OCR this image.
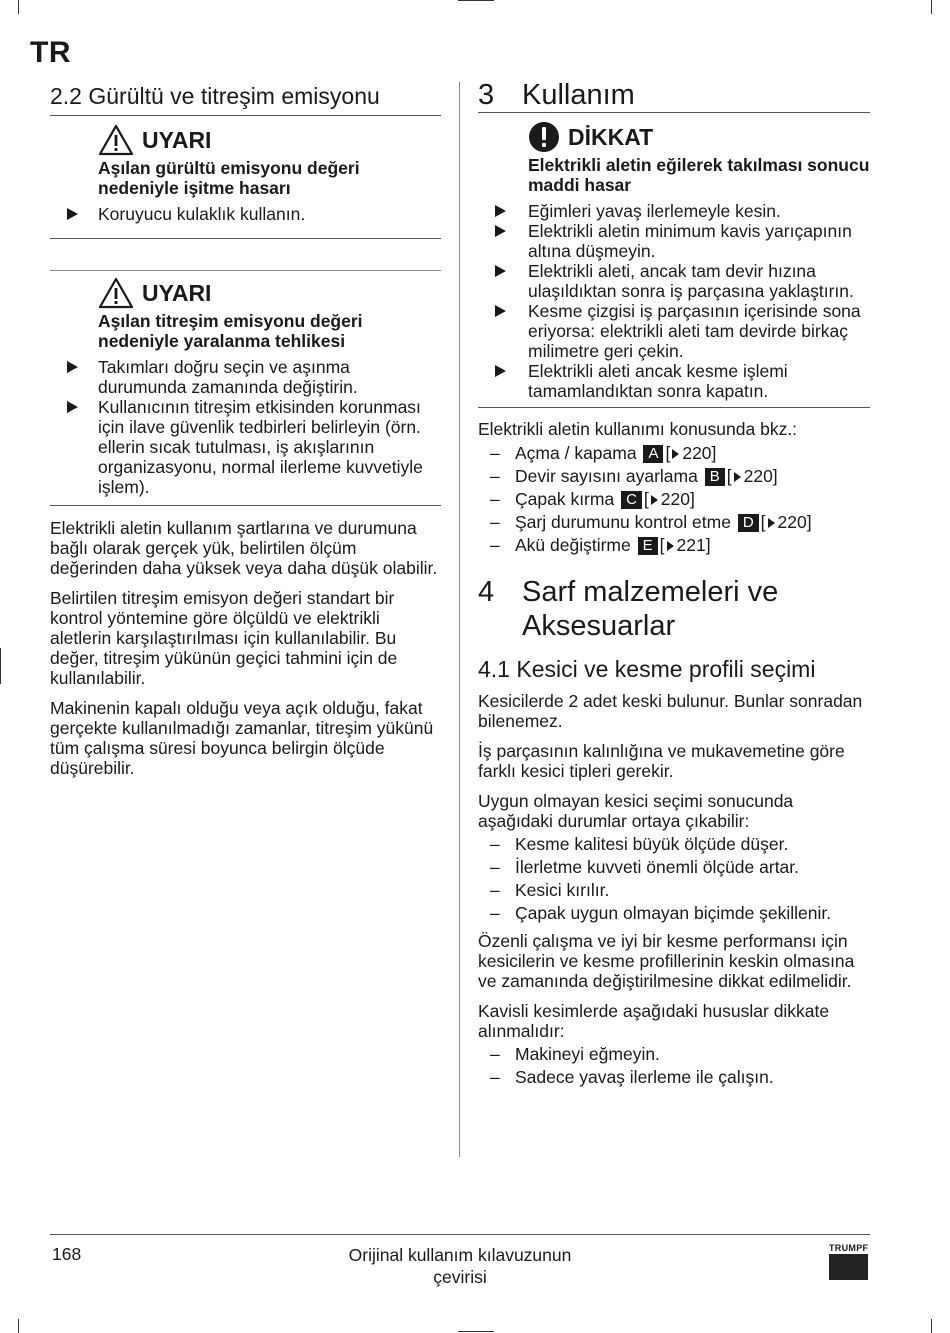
TR
2.2 Gürültü ve titreşim emisyonu
UYARI
Aşılan gürültü emisyonu değeri nedeniyle işitme hasarı
Koruyucu kulaklık kullanın.
UYARI
Aşılan titreşim emisyonu değeri nedeniyle yaralanma tehlikesi
Takımları doğru seçin ve aşınma durumunda zamanında değiştirin.
Kullanıcının titreşim etkisinden korunması için ilave güvenlik tedbirleri belirleyin (örn. ellerin sıcak tutulması, iş akışlarının organizasyonu, normal ilerleme kuvvetiyle işlem).

Elektrikli aletin kullanım şartlarına ve durumuna bağlı olarak gerçek yük, belirtilen ölçüm değerinden daha yüksek veya daha düşük olabilir.

Belirtilen titreşim emisyon değeri standart bir kontrol yöntemine göre ölçüldü ve elektrikli aletlerin karşılaştırılması için kullanılabilir. Bu değer, titreşim yükünün geçici tahmini için de kullanılabilir.

Makinenin kapalı olduğu veya açık olduğu, fakat gerçekte kullanılmadığı zamanlar, titreşim yükünü tüm çalışma süresi boyunca belirgin ölçüde düşürebilir.

3 Kullanım
DİKKAT
Elektrikli aletin eğilerek takılması sonucu maddi hasar
Eğimleri yavaş ilerlemeyle kesin.
Elektrikli aletin minimum kavis yarıçapının altına düşmeyin.
Elektrikli aleti, ancak tam devir hızına ulaşıldıktan sonra iş parçasına yaklaştırın.
Kesme çizgisi iş parçasının içerisinde sona eriyorsa: elektrikli aleti tam devirde birkaç milimetre geri çekin.
Elektrikli aleti ancak kesme işlemi tamamlandıktan sonra kapatın.

Elektrikli aletin kullanımı konusunda bkz.:

– Açma / kapama A [ 220]
– Devir sayısını ayarlama B [ 220]
– Çapak kırma C [ 220]
– Şarj durumunu kontrol etme D [ 220]
– Akü değiştirme E [ 221]
4 Sarf malzemeleri ve
Aksesuarlar
4.1 Kesici ve kesme profili seçimi

Kesicilerde 2 adet keski bulunur. Bunlar sonradan bilenemez.

İş parçasının kalınlığına ve mukavemetine göre farklı kesici tipleri gerekir.

Uygun olmayan kesici seçimi sonucunda aşağıdaki durumlar ortaya çıkabilir:

– Kesme kalitesi büyük ölçüde düşer.
– İlerletme kuvveti önemli ölçüde artar.
– Kesici kırılır.
– Çapak uygun olmayan biçimde şekillenir.

Özenli çalışma ve iyi bir kesme performansı için kesicilerin ve kesme profillerinin keskin olmasına ve zamanında değiştirilmesine dikkat edilmelidir.

Kavisli kesimlerde aşağıdaki hususlar dikkate alınmalıdır:

– Makineyi eğmeyin.
– Sadece yavaş ilerleme ile çalışın.
168	Orijinal kullanım kılavuzunun
çevirisi
TRUMPF
